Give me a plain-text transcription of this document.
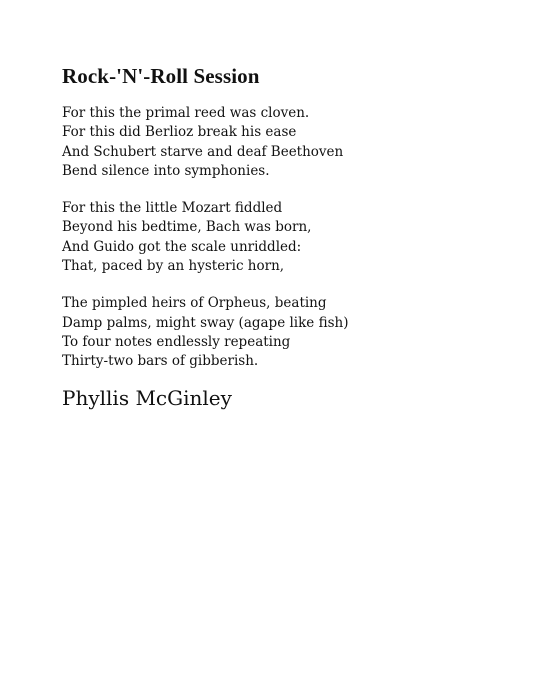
Rock-'N'-Roll Session
For this the primal reed was cloven.
For this did Berlioz break his ease
And Schubert starve and deaf Beethoven
Bend silence into symphonies.
For this the little Mozart fiddled
Beyond his bedtime, Bach was born,
And Guido got the scale unriddled:
That, paced by an hysteric horn,
The pimpled heirs of Orpheus, beating
Damp palms, might sway (agape like fish)
To four notes endlessly repeating
Thirty-two bars of gibberish.
Phyllis McGinley
